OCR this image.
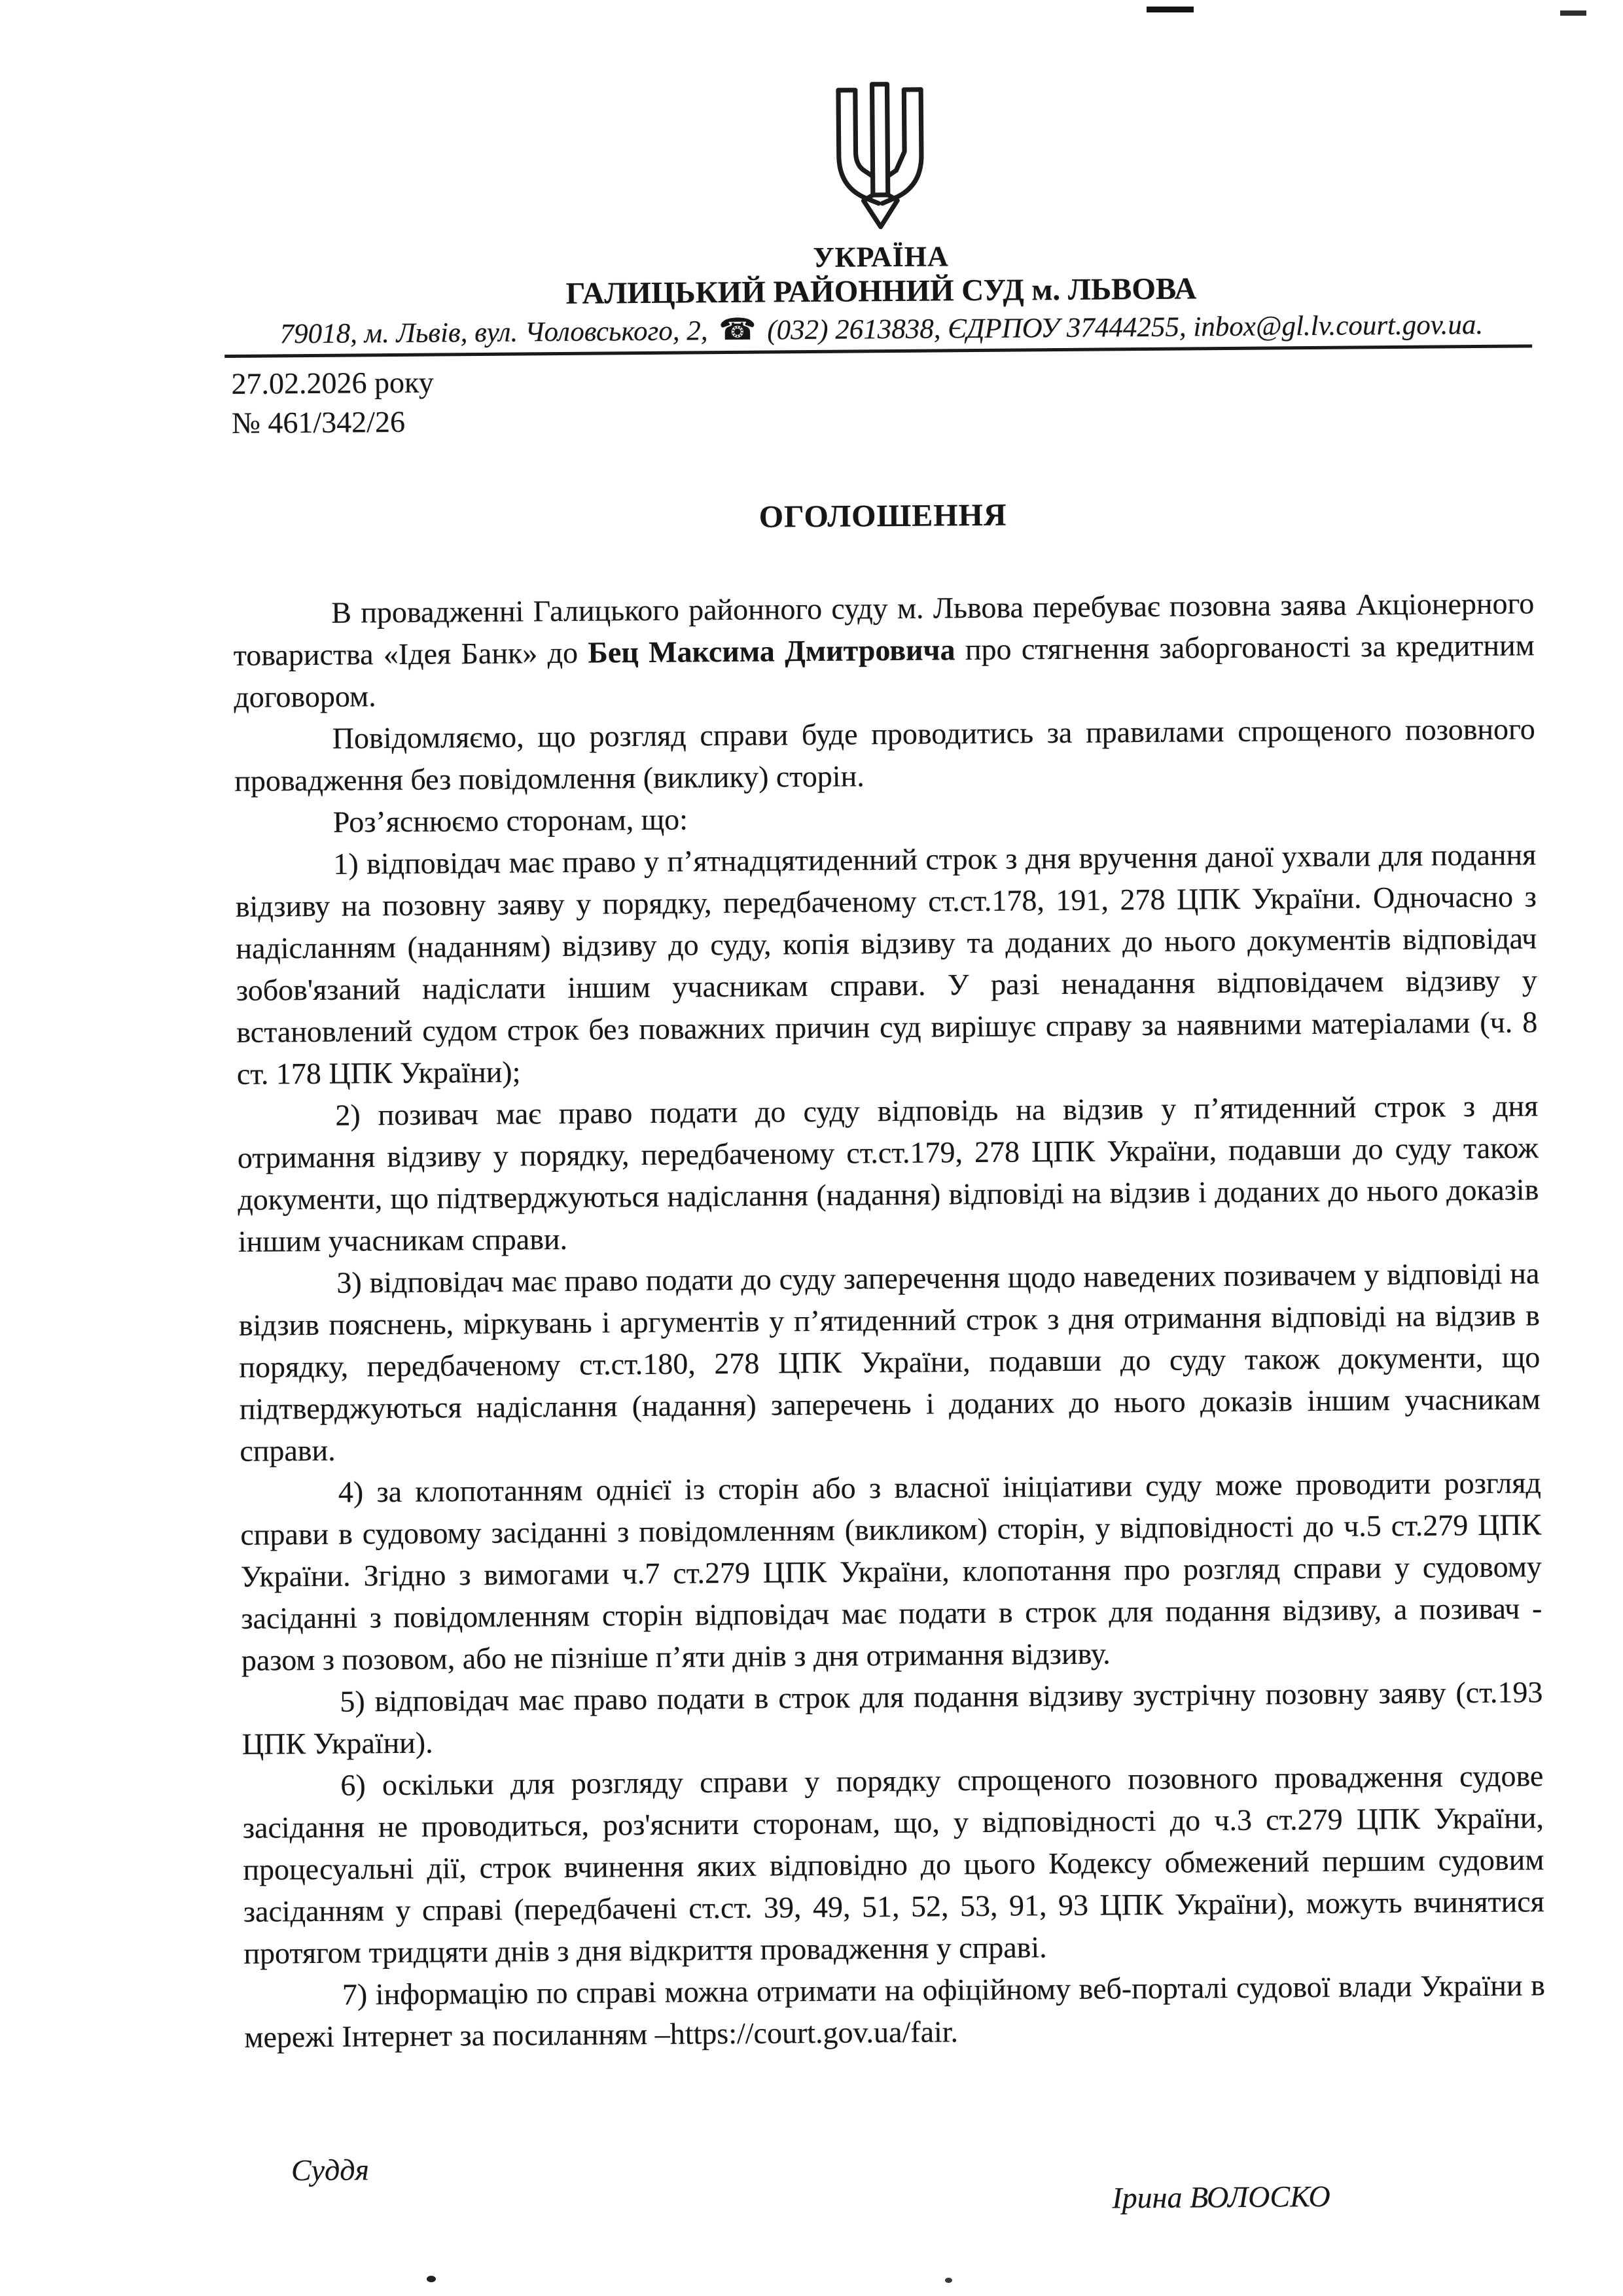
УКРАЇНА
ГАЛИЦЬКИЙ РАЙОННИЙ СУД м. ЛЬВОВА
79018, м. Львів, вул. Чоловського, 2, ☎ (032) 2613838, ЄДРПОУ 37444255, inbox@gl.lv.court.gov.ua.
27.02.2026 року
№ 461/342/26
ОГОЛОШЕННЯ

В провадженні Галицького районного суду м. Львова перебуває позовна заява Акціонерного товариства «Ідея Банк» до Бец Максима Дмитровича про стягнення заборгованості за кредитним договором.

Повідомляємо, що розгляд справи буде проводитись за правилами спрощеного позовного провадження без повідомлення (виклику) сторін.

Роз’яснюємо сторонам, що:

1) відповідач має право у п’ятнадцятиденний строк з дня вручення даної ухвали для подання відзиву на позовну заяву у порядку, передбаченому ст.ст.178, 191, 278 ЦПК України. Одночасно з надісланням (наданням) відзиву до суду, копія відзиву та доданих до нього документів відповідач зобов'язаний надіслати іншим учасникам справи. У разі ненадання відповідачем відзиву у встановлений судом строк без поважних причин суд вирішує справу за наявними матеріалами (ч. 8 ст. 178 ЦПК України);

2) позивач має право подати до суду відповідь на відзив у п’ятиденний строк з дня отримання відзиву у порядку, передбаченому ст.ст.179, 278 ЦПК України, подавши до суду також документи, що підтверджуються надіслання (надання) відповіді на відзив і доданих до нього доказів іншим учасникам справи.

3) відповідач має право подати до суду заперечення щодо наведених позивачем у відповіді на відзив пояснень, міркувань і аргументів у п’ятиденний строк з дня отримання відповіді на відзив в порядку, передбаченому ст.ст.180, 278 ЦПК України, подавши до суду також документи, що підтверджуються надіслання (надання) заперечень і доданих до нього доказів іншим учасникам справи.

4) за клопотанням однієї із сторін або з власної ініціативи суду може проводити розгляд справи в судовому засіданні з повідомленням (викликом) сторін, у відповідності до ч.5 ст.279 ЦПК України. Згідно з вимогами ч.7 ст.279 ЦПК України, клопотання про розгляд справи у судовому засіданні з повідомленням сторін відповідач має подати в строк для подання відзиву, а позивач - разом з позовом, або не пізніше п’яти днів з дня отримання відзиву.

5) відповідач має право подати в строк для подання відзиву зустрічну позовну заяву (ст.193 ЦПК України).

6) оскільки для розгляду справи у порядку спрощеного позовного провадження судове засідання не проводиться, роз'яснити сторонам, що, у відповідності до ч.3 ст.279 ЦПК України, процесуальні дії, строк вчинення яких відповідно до цього Кодексу обмежений першим судовим засіданням у справі (передбачені ст.ст. 39, 49, 51, 52, 53, 91, 93 ЦПК України), можуть вчинятися протягом тридцяти днів з дня відкриття провадження у справі.

7) інформацію по справі можна отримати на офіційному веб-порталі судової влади України в мережі Інтернет за посиланням –https://court.gov.ua/fair.

Суддя
Ірина ВОЛОСКО
